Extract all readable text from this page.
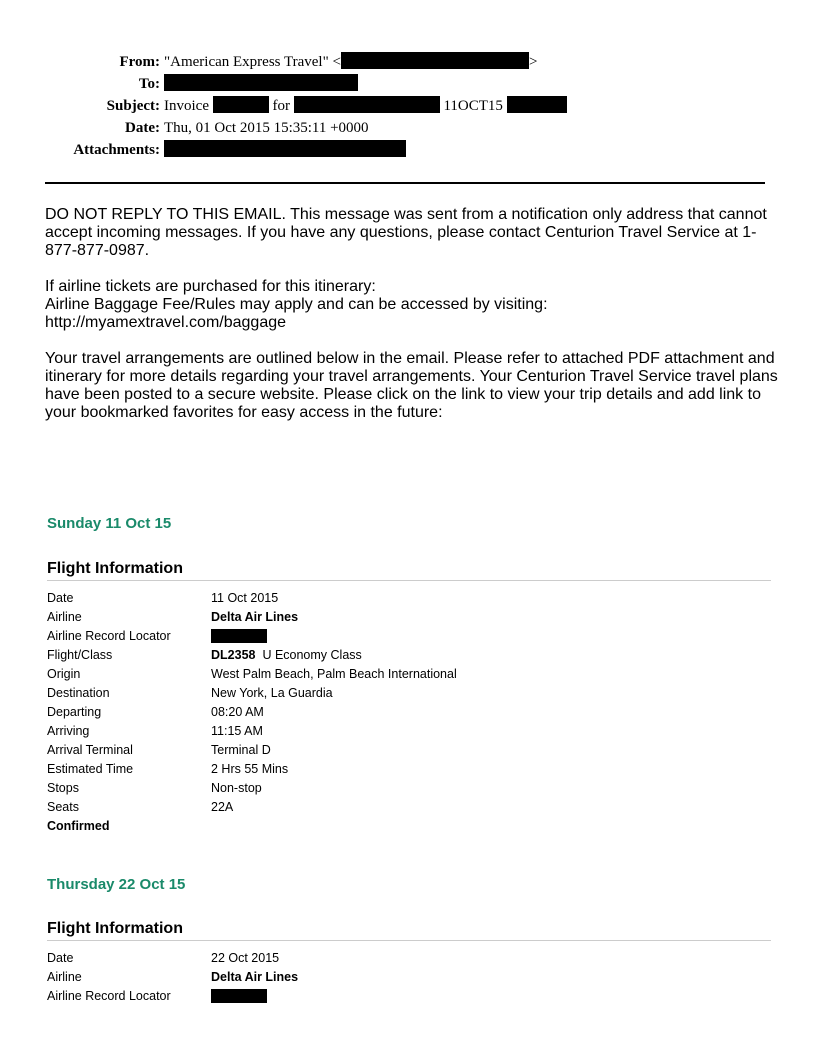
From: "American Express Travel" <	>
To:
Subject: Invoice	for	11OCT15
Date: Thu, 01 Oct 2015 15:35:11 +0000
Attachments:

DO NOT REPLY TO THIS EMAIL. This message was sent from a notification only address that cannot accept incoming messages. If you have any questions, please contact Centurion Travel Service at 1-877-877-0987.

If airline tickets are purchased for this itinerary:

Airline Baggage Fee/Rules may apply and can be accessed by visiting:

http://myamextravel.com/baggage

Your travel arrangements are outlined below in the email. Please refer to attached PDF attachment and itinerary for more details regarding your travel arrangements. Your Centurion Travel Service travel plans have been posted to a secure website. Please click on the link to view your trip details and add link to your bookmarked favorites for easy access in the future:

Sunday 11 Oct 15
Flight Information
Date	11 Oct 2015
Airline	Delta Air Lines
Airline Record Locator
Flight/Class	DL2358 U Economy Class
Origin	West Palm Beach, Palm Beach International
Destination	New York, La Guardia
Departing	08:20 AM
Arriving	11:15 AM
Arrival Terminal	Terminal D
Estimated Time	2 Hrs 55 Mins
Stops	Non-stop
Seats	22A
Confirmed
Thursday 22 Oct 15
Flight Information
Date	22 Oct 2015
Airline	Delta Air Lines
Airline Record Locator
